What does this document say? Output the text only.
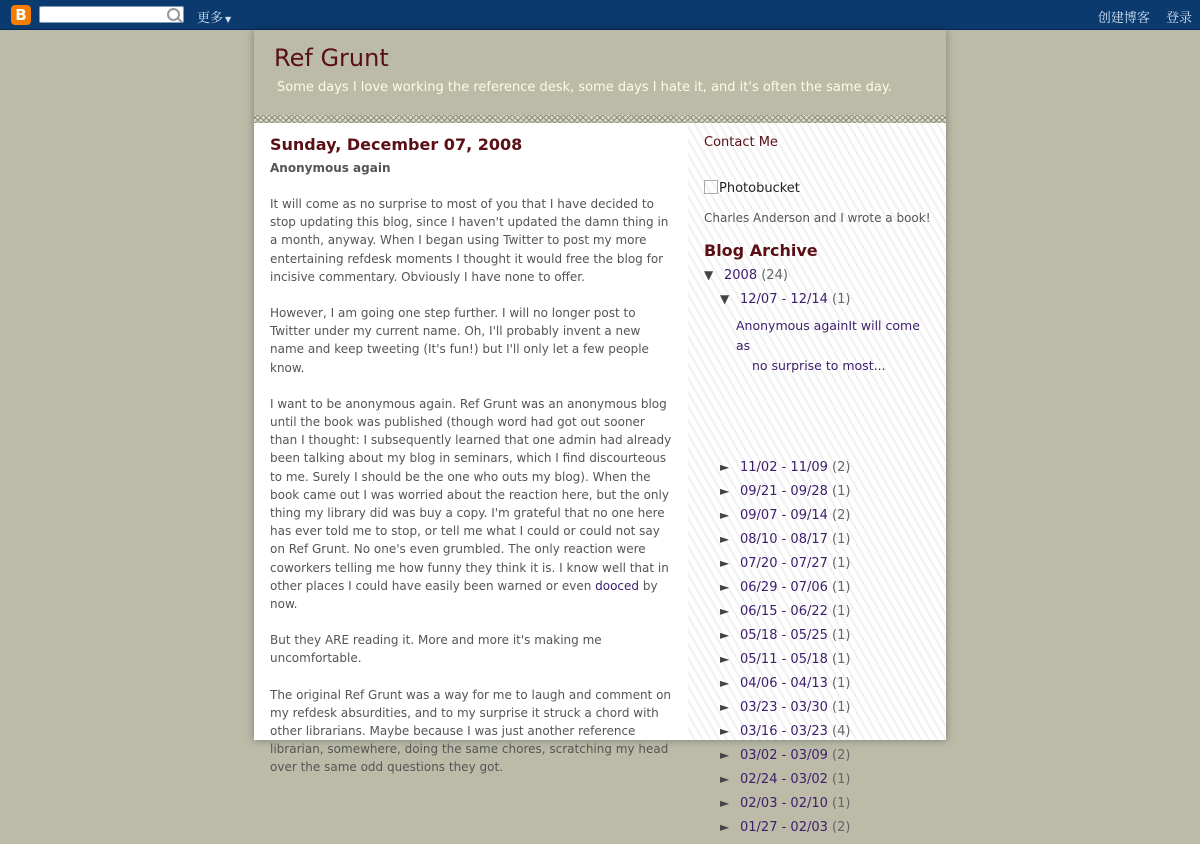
B	更多 ▼	创建博客 登录
Ref Grunt
Some days I love working the reference desk, some days I hate it, and it's often the same day.
Sunday, December 07, 2008
Anonymous again

It will come as no surprise to most of you that I have decided to stop updating this blog, since I haven't updated the damn thing in a month, anyway. When I began using Twitter to post my more entertaining refdesk moments I thought it would free the blog for incisive commentary. Obviously I have none to offer.

However, I am going one step further. I will no longer post to Twitter under my current name. Oh, I'll probably invent a new name and keep tweeting (It's fun!) but I'll only let a few people know.

I want to be anonymous again. Ref Grunt was an anonymous blog until the book was published (though word had got out sooner than I thought: I subsequently learned that one admin had already been talking about my blog in seminars, which I find discourteous to me. Surely I should be the one who outs my blog). When the book came out I was worried about the reaction here, but the only thing my library did was buy a copy. I'm grateful that no one here has ever told me to stop, or tell me what I could or could not say on Ref Grunt. No one's even grumbled. The only reaction were coworkers telling me how funny they think it is. I know well that in other places I could have easily been warned or even dooced by now.

But they ARE reading it. More and more it's making me uncomfortable.

The original Ref Grunt was a way for me to laugh and comment on my refdesk absurdities, and to my surprise it struck a chord with other librarians. Maybe because I was just another reference librarian, somewhere, doing the same chores, scratching my head over the same odd questions they got.

Contact Me
Photobucket
Charles Anderson and I wrote a book!
Blog Archive
▼ 2008 (24)
▼ 12/07 - 12/14 (1)
Anonymous againIt will come as
no surprise to most...
► 11/02 - 11/09 (2)
► 09/21 - 09/28 (1)
► 09/07 - 09/14 (2)
► 08/10 - 08/17 (1)
► 07/20 - 07/27 (1)
► 06/29 - 07/06 (1)
► 06/15 - 06/22 (1)
► 05/18 - 05/25 (1)
► 05/11 - 05/18 (1)
► 04/06 - 04/13 (1)
► 03/23 - 03/30 (1)
► 03/16 - 03/23 (4)
► 03/02 - 03/09 (2)
► 02/24 - 03/02 (1)
► 02/03 - 02/10 (1)
► 01/27 - 02/03 (2)
